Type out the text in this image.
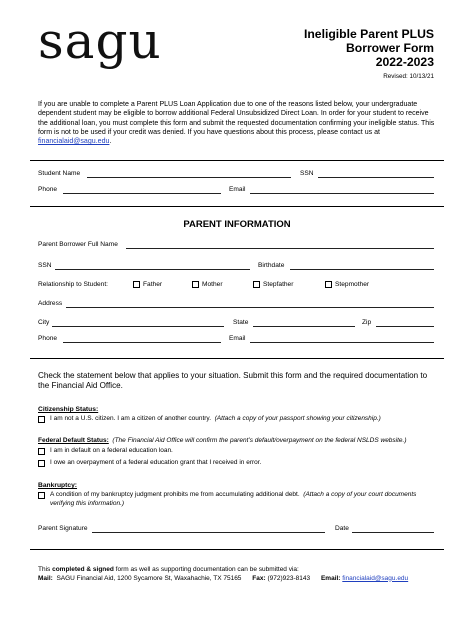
sagu	Ineligible Parent PLUS
Borrower Form
2022-2023
Revised: 10/13/21
If you are unable to complete a Parent PLUS Loan Application due to one of the reasons listed below, your undergraduate dependent student may be eligible to borrow additional Federal Unsubsidized Direct Loan. In order for your student to receive the additional loan, you must complete this form and submit the requested documentation confirming your ineligible status. This form is not to be used if your credit was denied. If you have questions about this process, please contact us at financialaid@sagu.edu.
Student Name	SSN
Phone	Email
PARENT INFORMATION
Parent Borrower Full Name
SSN	Birthdate
Relationship to Student:	Father	Mother	Stepfather	Stepmother
Address
City	State	Zip
Phone	Email
Check the statement below that applies to your situation. Submit this form and the required documentation to the Financial Aid Office.
Citizenship Status:
I am not a U.S. citizen. I am a citizen of another country. (Attach a copy of your passport showing your citizenship.)
Federal Default Status: (The Financial Aid Office will confirm the parent’s default/overpayment on the federal NSLDS website.)
I am in default on a federal education loan.
I owe an overpayment of a federal education grant that I received in error.
Bankruptcy:
A condition of my bankruptcy judgment prohibits me from accumulating additional debt. (Attach a copy of your court documents verifying this information.)
Parent Signature	Date
This completed & signed form as well as supporting documentation can be submitted via:
Mail: SAGU Financial Aid, 1200 Sycamore St, Waxahachie, TX 75165 Fax: (972)923-8143 Email: financialaid@sagu.edu
